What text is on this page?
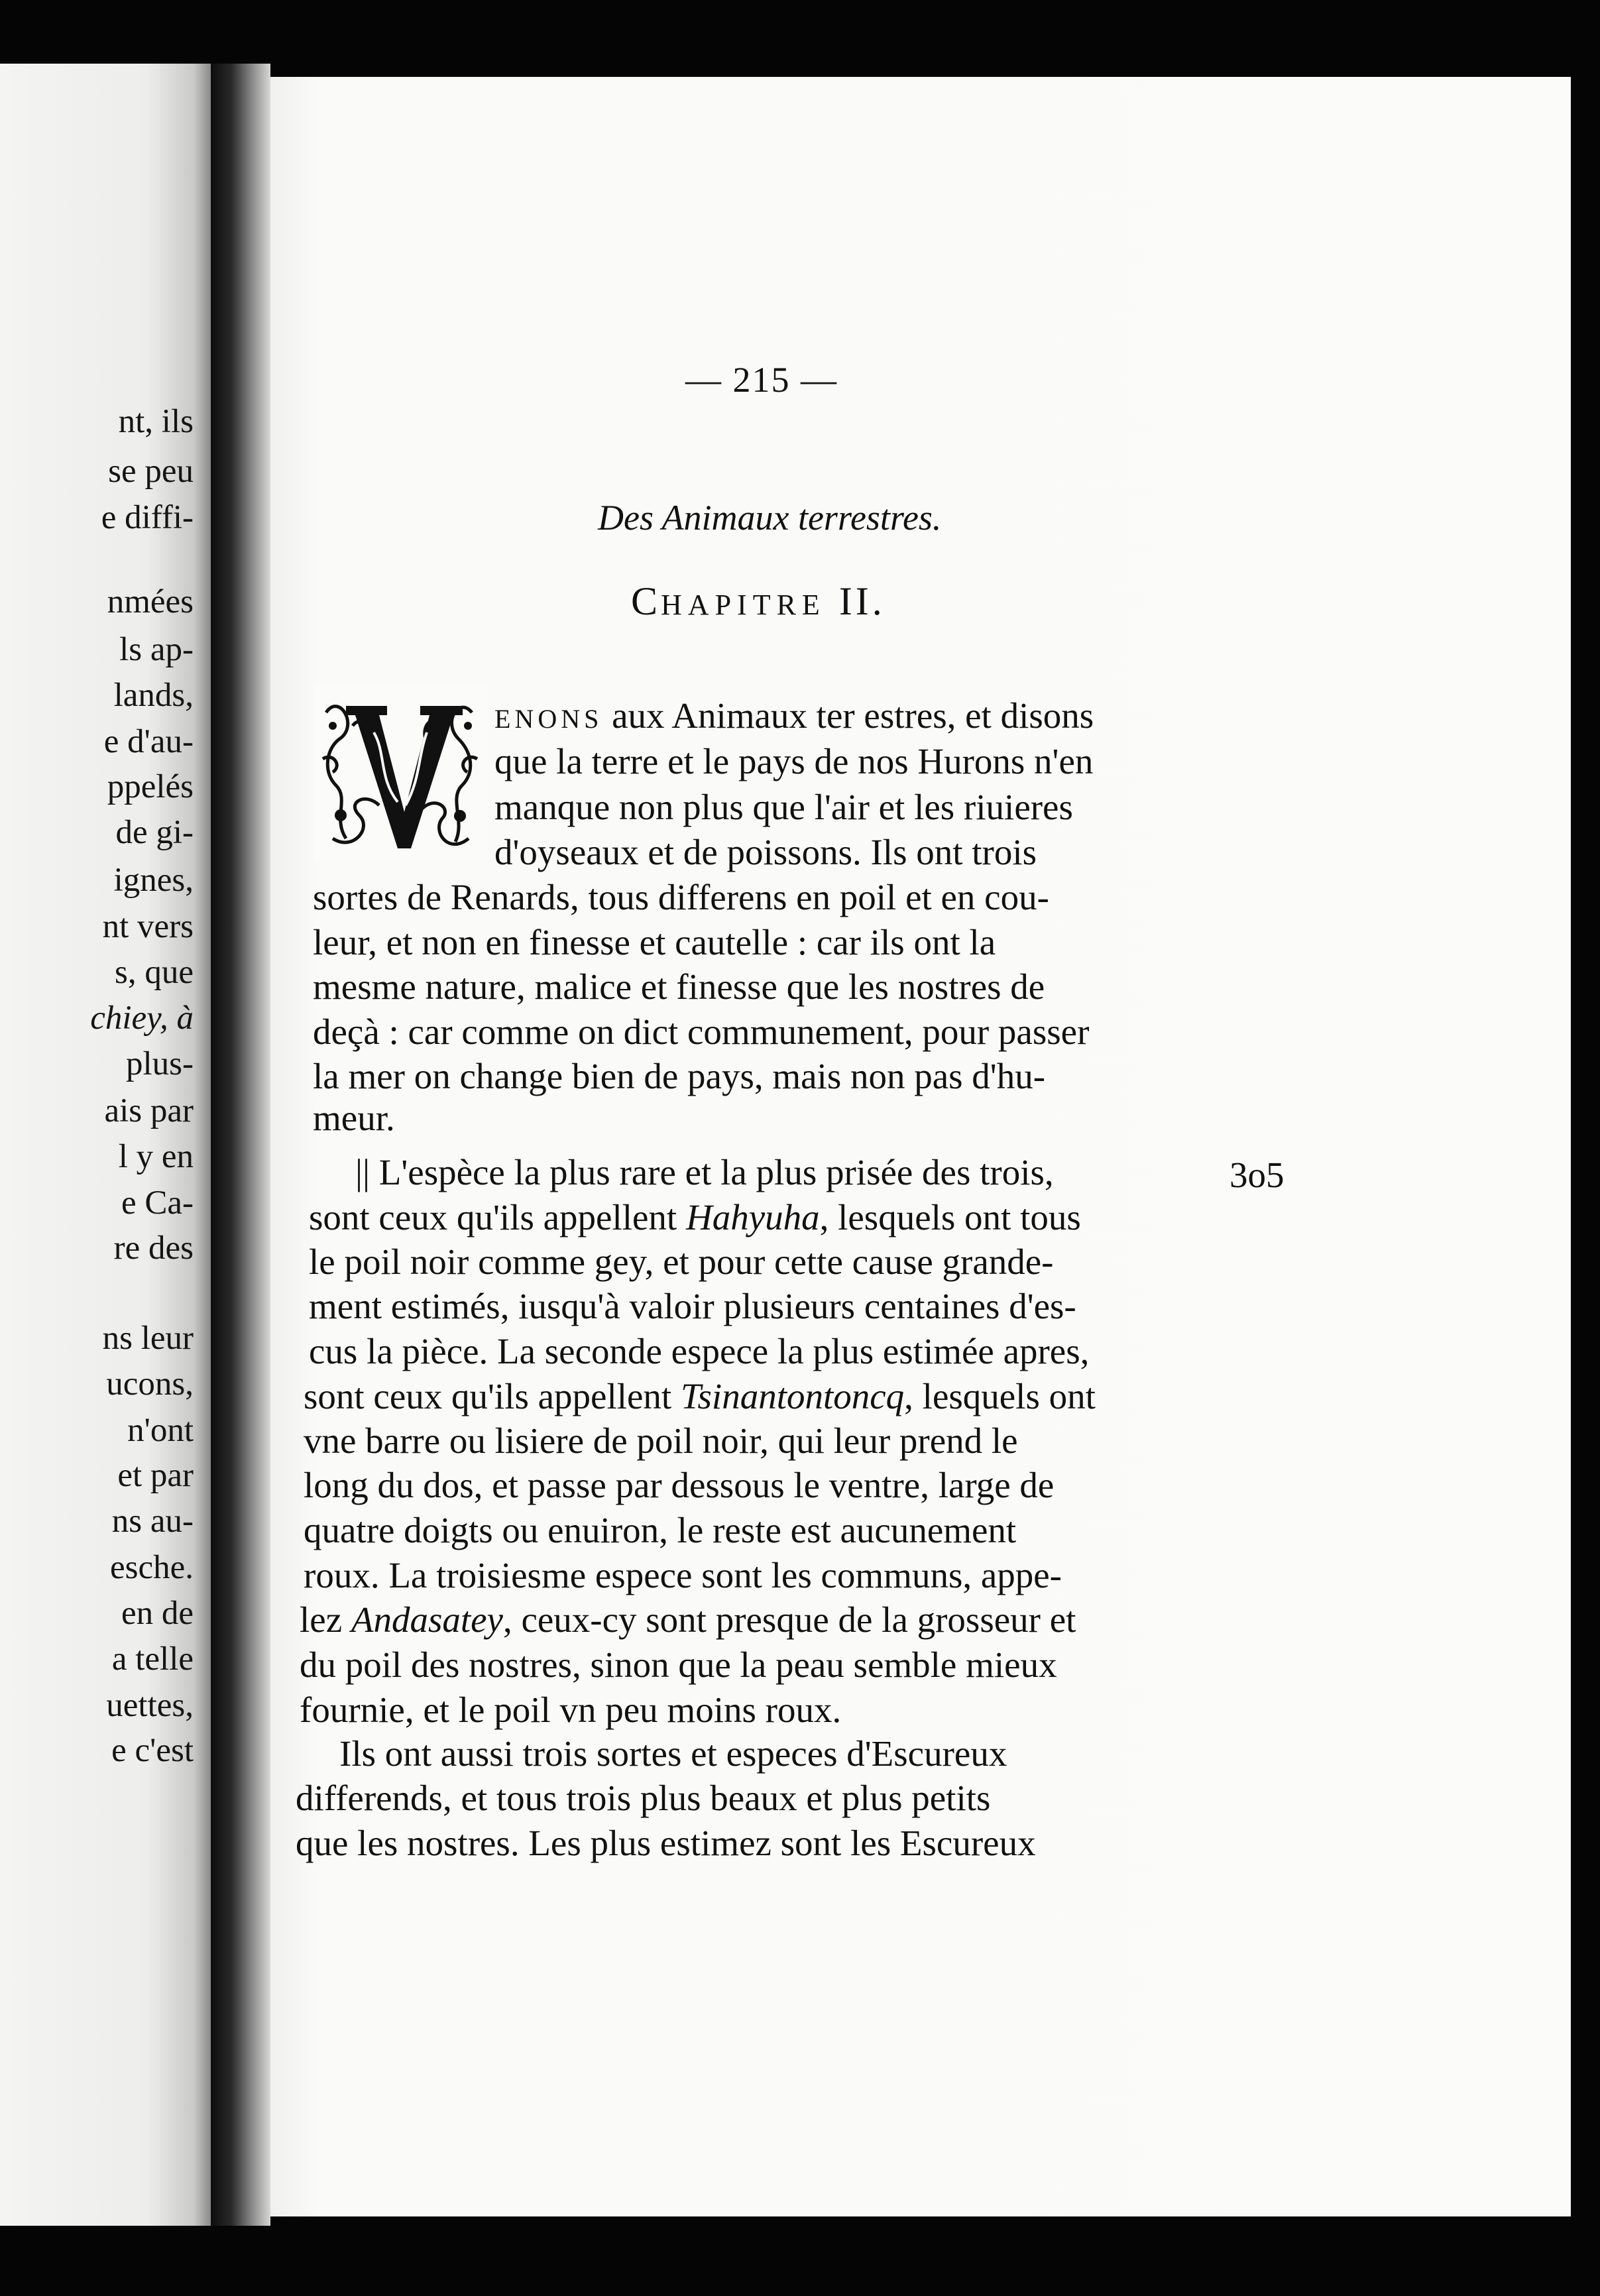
nt, ils

se peu

e diffi-

nmées

ls ap-

lands,

e d'au-

ppelés

de gi-

ignes,

nt vers

s, que

chiey, à

plus-

ais par

l y en

e Ca-

re des

ns leur

ucons,

n'ont

et par

ns au-

esche.

en de

a telle

uettes,

e c'est

— 215 —

Des Animaux terrestres.

CHAPITRE II.

ENONS aux Animaux ter estres, et disons

que la terre et le pays de nos Hurons n'en

manque non plus que l'air et les riuieres

d'oyseaux et de poissons. Ils ont trois

sortes de Renards, tous differens en poil et en cou-

leur, et non en finesse et cautelle : car ils ont la

mesme nature, malice et finesse que les nostres de

deçà : car comme on dict communement, pour passer

la mer on change bien de pays, mais non pas d'hu-

meur.

|| L'espèce la plus rare et la plus prisée des trois,

sont ceux qu'ils appellent Hahyuha, lesquels ont tous

le poil noir comme gey, et pour cette cause grande-

ment estimés, iusqu'à valoir plusieurs centaines d'es-

cus la pièce. La seconde espece la plus estimée apres,

sont ceux qu'ils appellent Tsinantontoncq, lesquels ont

vne barre ou lisiere de poil noir, qui leur prend le

long du dos, et passe par dessous le ventre, large de

quatre doigts ou enuiron, le reste est aucunement

roux. La troisiesme espece sont les communs, appe-

lez Andasatey, ceux-cy sont presque de la grosseur et

du poil des nostres, sinon que la peau semble mieux

fournie, et le poil vn peu moins roux.

Ils ont aussi trois sortes et especes d'Escureux

differends, et tous trois plus beaux et plus petits

que les nostres. Les plus estimez sont les Escureux

3o5
